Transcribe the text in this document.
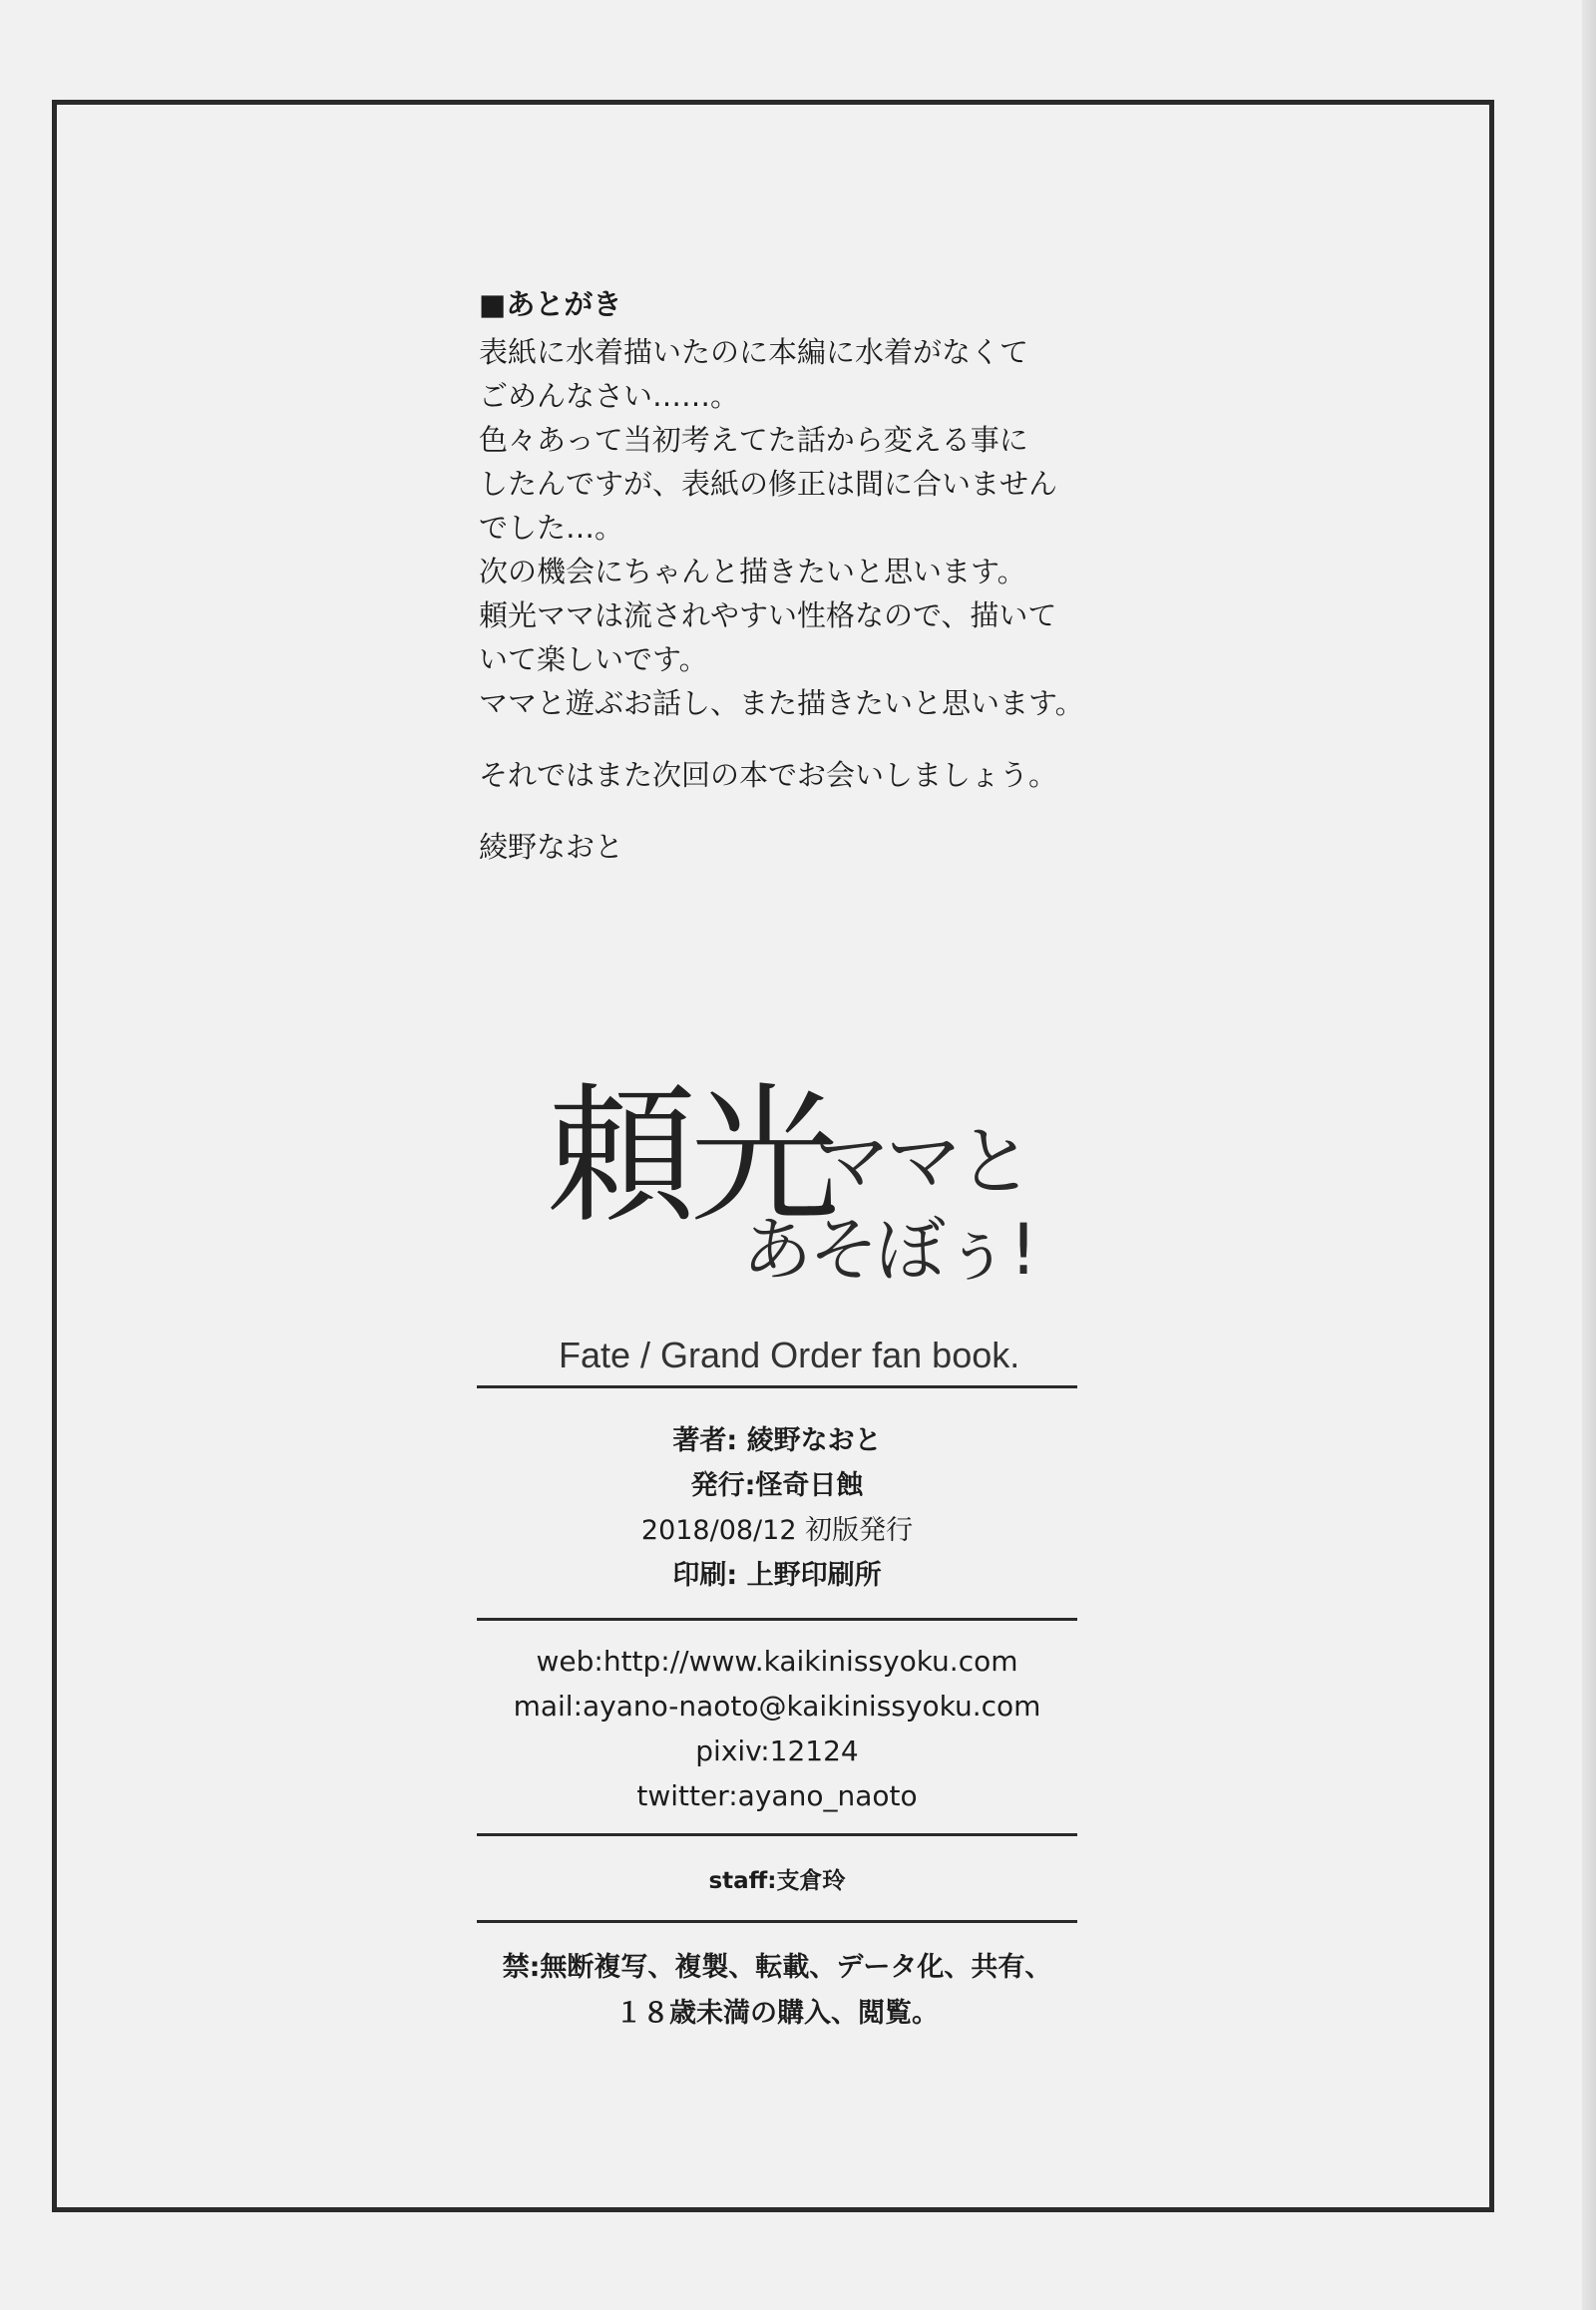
■あとがき
表紙に水着描いたのに本編に水着がなくて
ごめんなさい……。
色々あって当初考えてた話から変える事に
したんですが、表紙の修正は間に合いません
でした…。
次の機会にちゃんと描きたいと思います。
頼光ママは流されやすい性格なので、描いて
いて楽しいです。
ママと遊ぶお話し、また描きたいと思います。
それではまた次回の本でお会いしましょう。
綾野なおと
頼光
ママと
あそぼぅ!
Fate / Grand Order fan book.
著者: 綾野なおと
発行:怪奇日蝕
2018/08/12 初版発行
印刷: 上野印刷所
web:http://www.kaikinissyoku.com
mail:ayano-naoto@kaikinissyoku.com
pixiv:12124
twitter:ayano_naoto
staff:支倉玲
禁:無断複写、複製、転載、データ化、共有、
１８歳未満の購入、閲覧。
